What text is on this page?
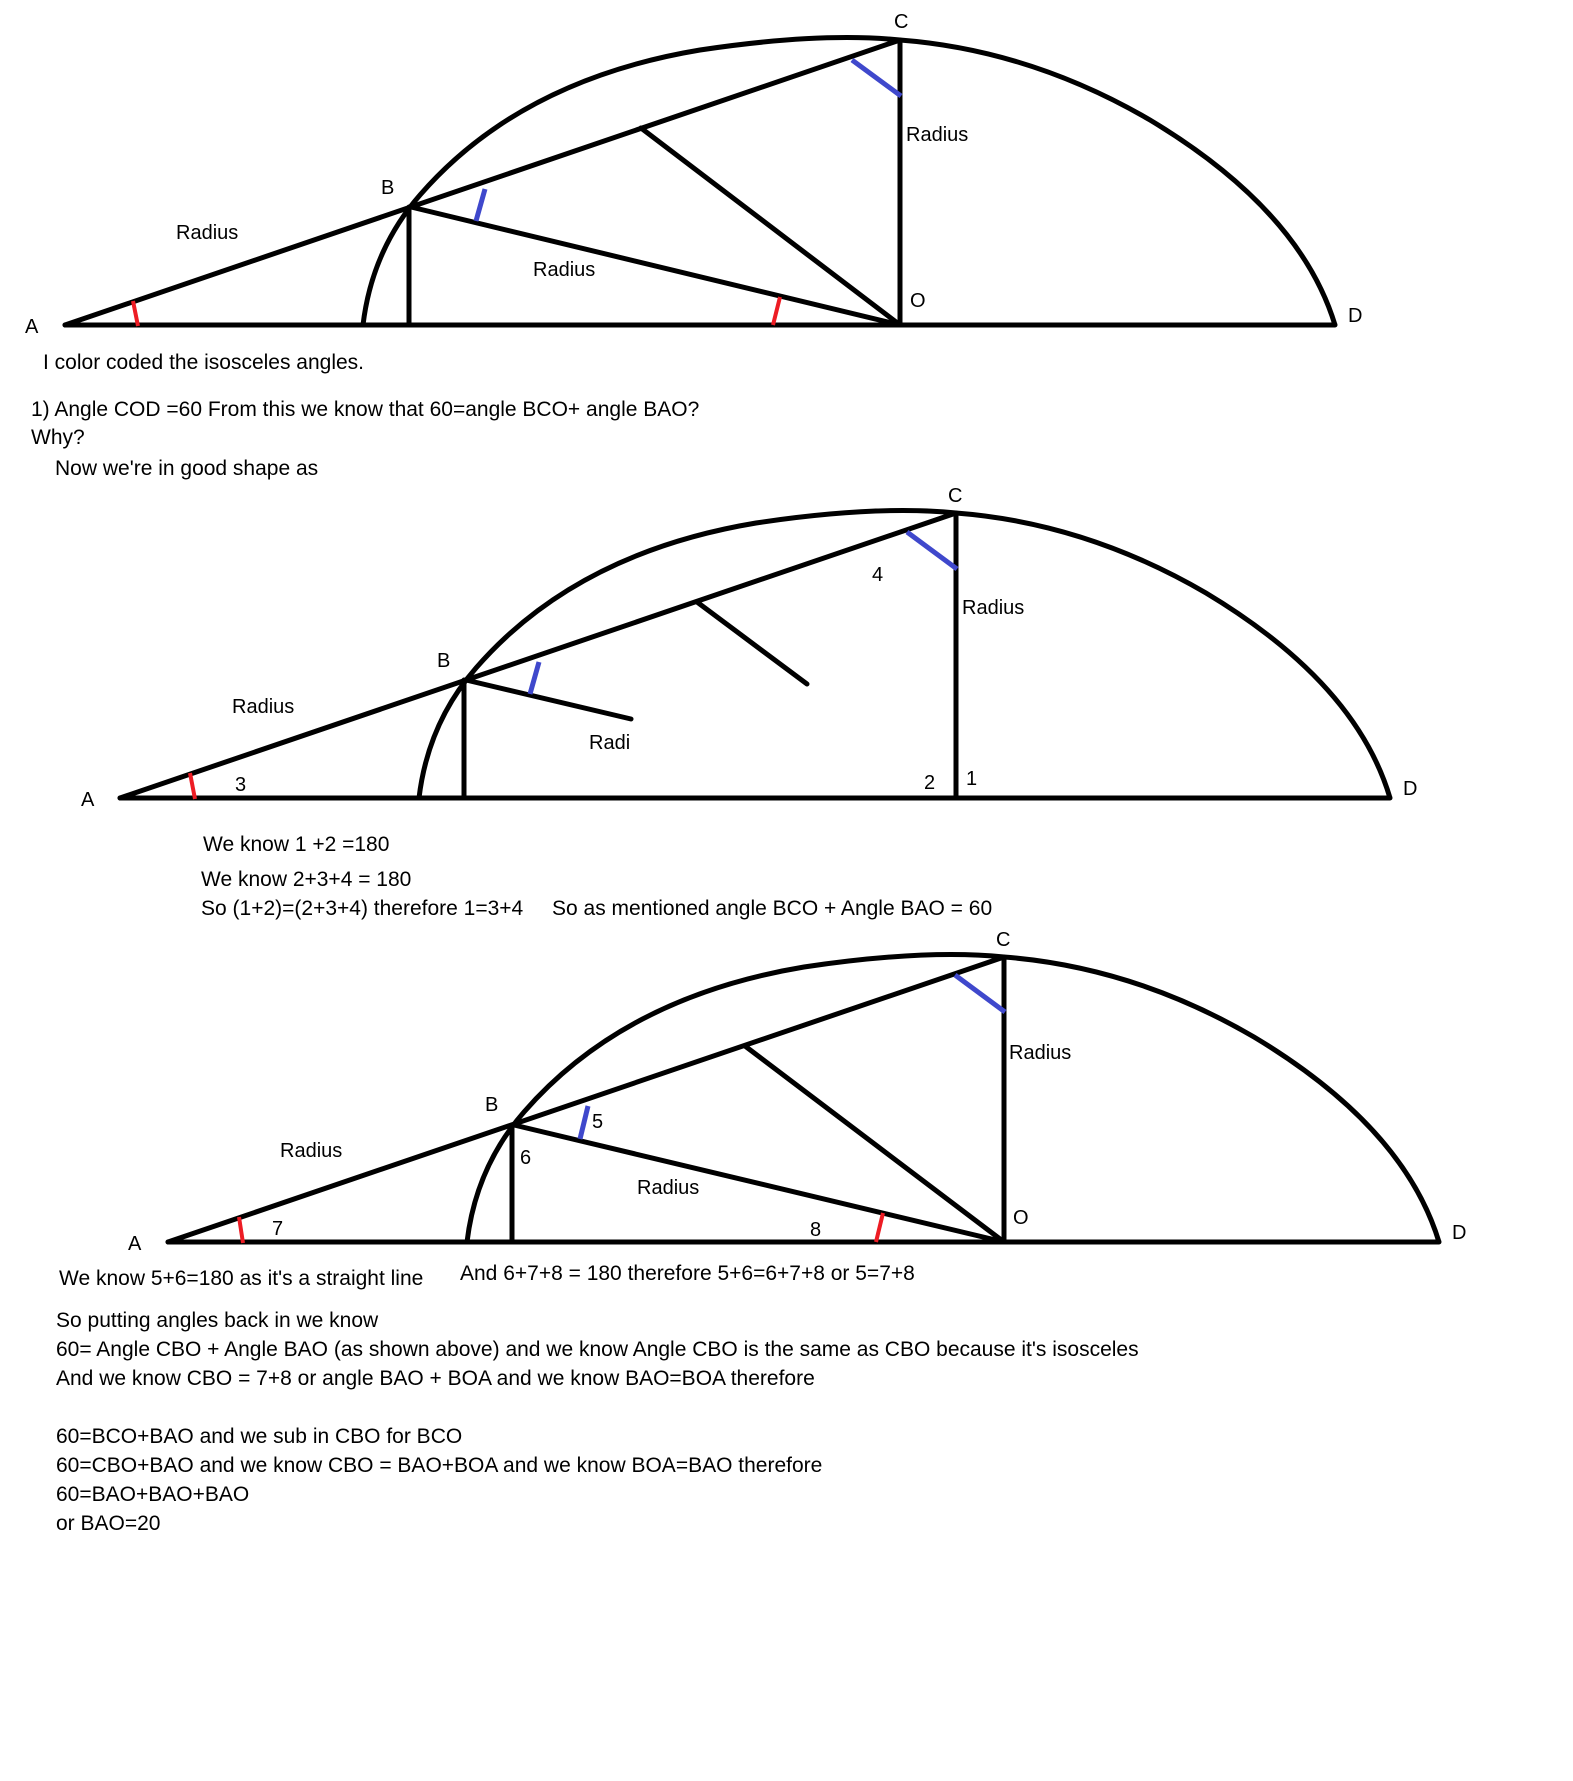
A
B
C
O
D
Radius
Radius
Radius
A
B
C
D
Radius
Radi
Radius
1
2
3
4
A
B
C
O
D
Radius
Radius
Radius
5
6
7	8
I color coded the isosceles angles.
1) Angle COD =60 From this we know that 60=angle BCO+ angle BAO?
Why?
Now we're in good shape as
We know 1 +2 =180
We know 2+3+4 = 180
So (1+2)=(2+3+4) therefore 1=3+4 So as mentioned angle BCO + Angle BAO = 60
We know 5+6=180 as it's a straight line And 6+7+8 = 180 therefore 5+6=6+7+8 or 5=7+8
So putting angles back in we know
60= Angle CBO + Angle BAO (as shown above) and we know Angle CBO is the same as CBO because it's isosceles
And we know CBO = 7+8 or angle BAO + BOA and we know BAO=BOA therefore
60=BCO+BAO and we sub in CBO for BCO
60=CBO+BAO and we know CBO = BAO+BOA and we know BOA=BAO therefore
60=BAO+BAO+BAO
or BAO=20
